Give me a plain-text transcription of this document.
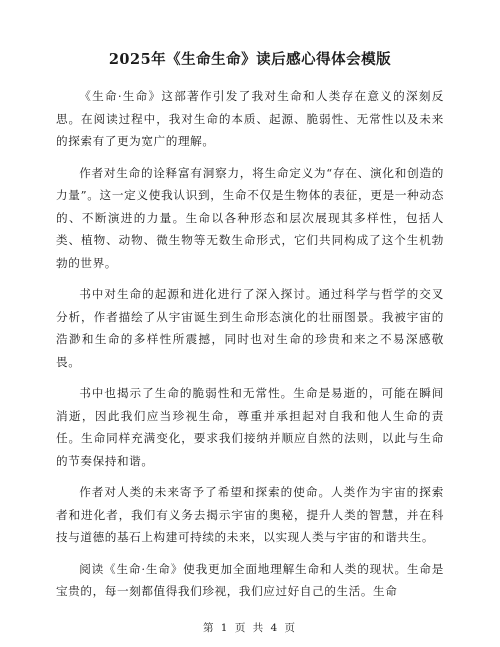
2025年《生命生命》读后感心得体会模版

《生命·生命》这部著作引发了我对生命和人类存在意义的深刻反思。在阅读过程中，我对生命的本质、起源、脆弱性、无常性以及未来的探索有了更为宽广的理解。

作者对生命的诠释富有洞察力，将生命定义为“存在、演化和创造的力量”。这一定义使我认识到，生命不仅是生物体的表征，更是一种动态的、不断演进的力量。生命以各种形态和层次展现其多样性，包括人类、植物、动物、微生物等无数生命形式，它们共同构成了这个生机勃勃的世界。

书中对生命的起源和进化进行了深入探讨。通过科学与哲学的交叉分析，作者描绘了从宇宙诞生到生命形态演化的壮丽图景。我被宇宙的浩渺和生命的多样性所震撼，同时也对生命的珍贵和来之不易深感敬畏。

书中也揭示了生命的脆弱性和无常性。生命是易逝的，可能在瞬间消逝，因此我们应当珍视生命，尊重并承担起对自我和他人生命的责任。生命同样充满变化，要求我们接纳并顺应自然的法则，以此与生命的节奏保持和谐。

作者对人类的未来寄予了希望和探索的使命。人类作为宇宙的探索者和进化者，我们有义务去揭示宇宙的奥秘，提升人类的智慧，并在科技与道德的基石上构建可持续的未来，以实现人类与宇宙的和谐共生。

阅读《生命·生命》使我更加全面地理解生命和人类的现状。生命是宝贵的，每一刻都值得我们珍视，我们应过好自己的生活。生命

第 1 页 共 4 页
